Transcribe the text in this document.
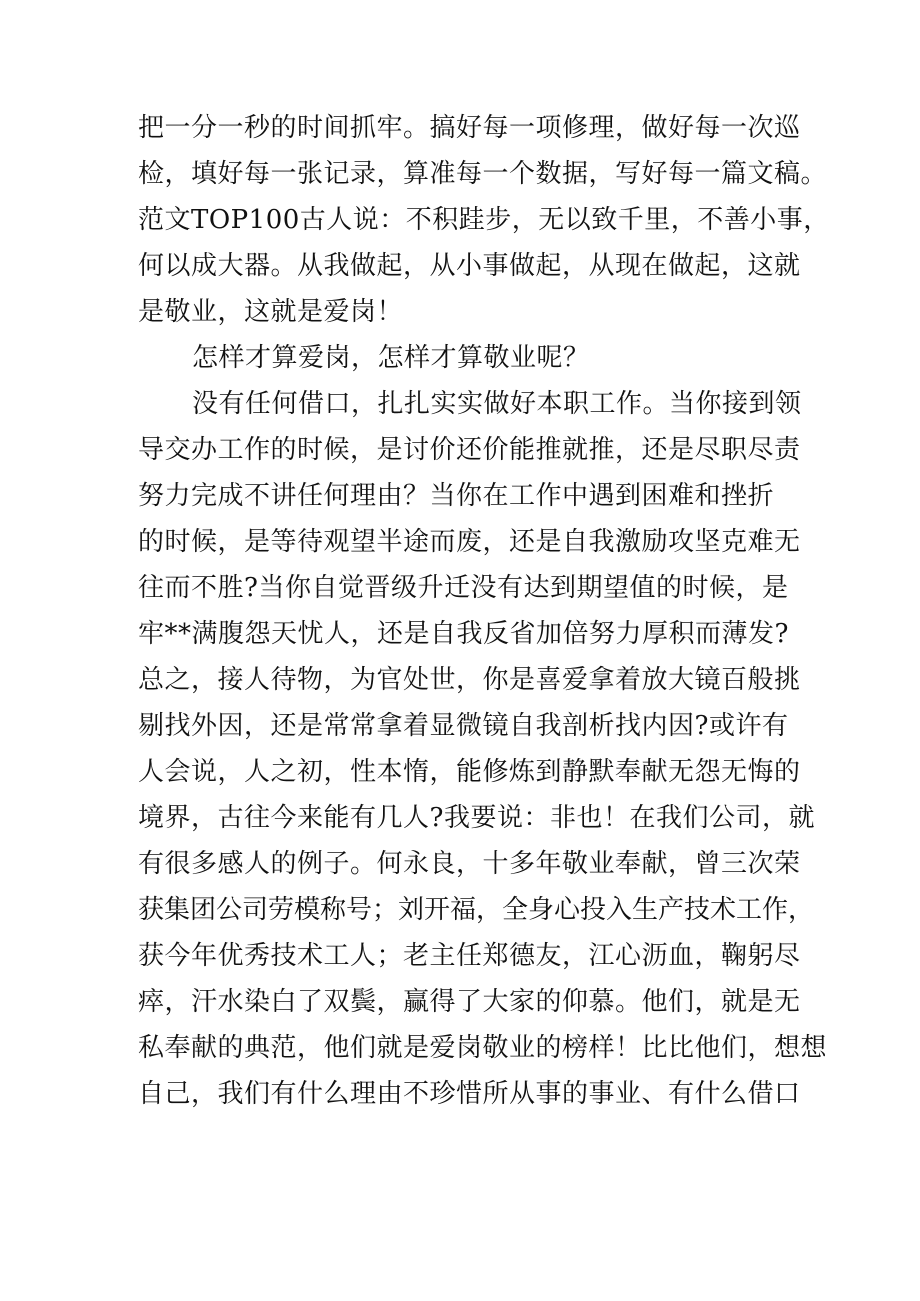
把一分一秒的时间抓牢。搞好每一项修理，做好每一次巡
检，填好每一张记录，算准每一个数据，写好每一篇文稿。
范文TOP100古人说：不积跬步，无以致千里，不善小事，
何以成大器。从我做起，从小事做起，从现在做起，这就
是敬业，这就是爱岗！
怎样才算爱岗，怎样才算敬业呢？
没有任何借口，扎扎实实做好本职工作。当你接到领
导交办工作的时候，是讨价还价能推就推，还是尽职尽责
努力完成不讲任何理由？当你在工作中遇到困难和挫折
的时候，是等待观望半途而废，还是自我激励攻坚克难无
往而不胜?当你自觉晋级升迁没有达到期望值的时候，是
牢**满腹怨天忧人，还是自我反省加倍努力厚积而薄发?
总之，接人待物，为官处世，你是喜爱拿着放大镜百般挑
剔找外因，还是常常拿着显微镜自我剖析找内因?或许有
人会说，人之初，性本惰，能修炼到静默奉献无怨无悔的
境界，古往今来能有几人?我要说：非也！在我们公司，就
有很多感人的例子。何永良，十多年敬业奉献，曾三次荣
获集团公司劳模称号；刘开福，全身心投入生产技术工作，
获今年优秀技术工人；老主任郑德友，江心沥血，鞠躬尽
瘁，汗水染白了双鬓，赢得了大家的仰慕。他们，就是无
私奉献的典范，他们就是爱岗敬业的榜样！比比他们，想想
自己，我们有什么理由不珍惜所从事的事业、有什么借口
